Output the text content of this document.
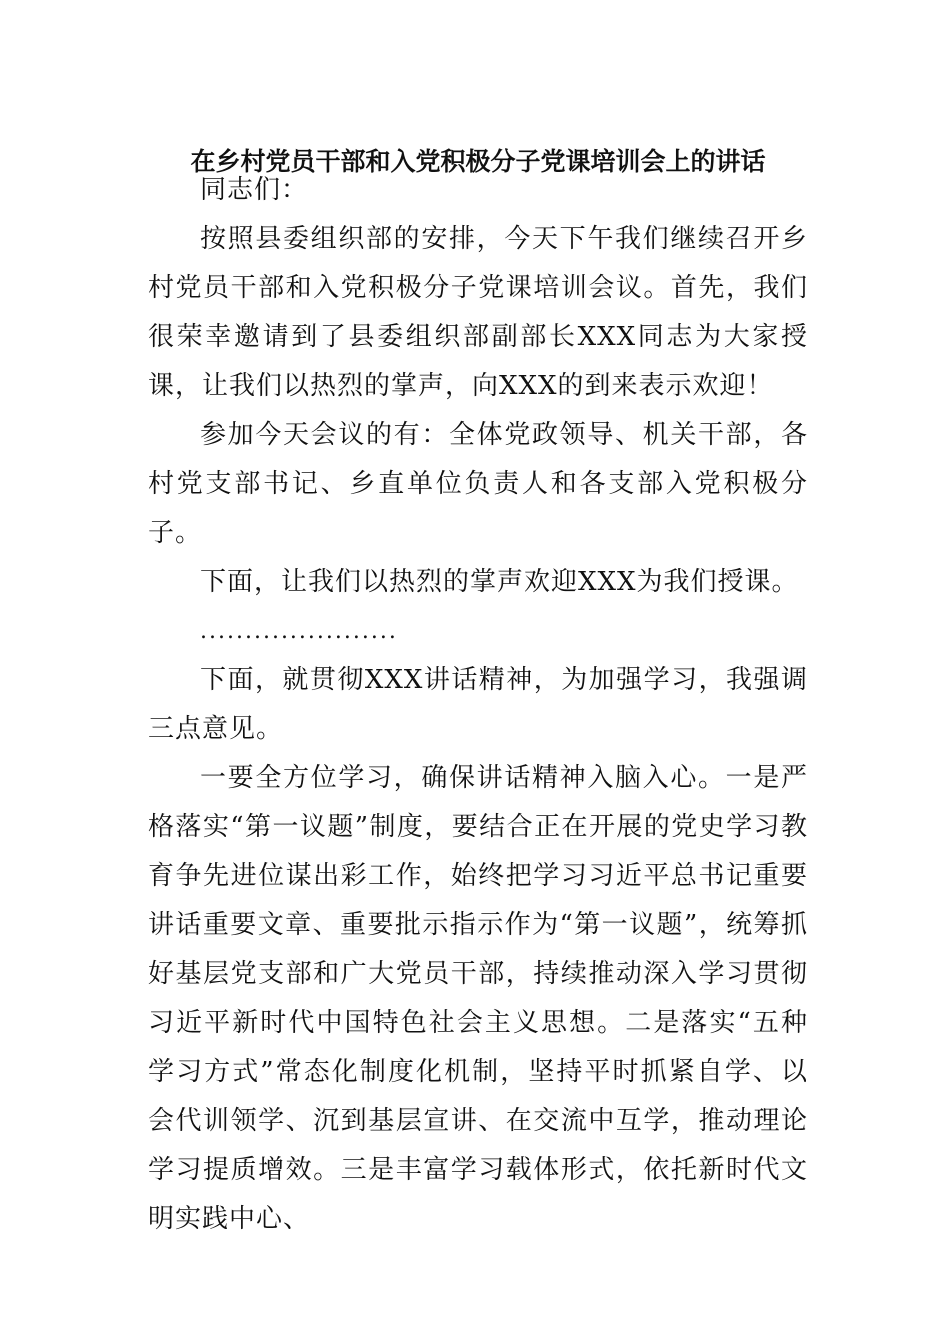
在乡村党员干部和入党积极分子党课培训会上的讲话

同志们：

按照县委组织部的安排，今天下午我们继续召开乡村党员干部和入党积极分子党课培训会议。首先，我们很荣幸邀请到了县委组织部副部长XXX同志为大家授课，让我们以热烈的掌声，向XXX的到来表示欢迎！

参加今天会议的有：全体党政领导、机关干部，各村党支部书记、乡直单位负责人和各支部入党积极分子。

下面，让我们以热烈的掌声欢迎XXX为我们授课。

......................

下面，就贯彻XXX讲话精神，为加强学习，我强调三点意见。

一要全方位学习，确保讲话精神入脑入心。一是严格落实“第一议题”制度，要结合正在开展的党史学习教育争先进位谋出彩工作，始终把学习习近平总书记重要讲话重要文章、重要批示指示作为“第一议题”，统筹抓好基层党支部和广大党员干部，持续推动深入学习贯彻习近平新时代中国特色社会主义思想。二是落实“五种学习方式”常态化制度化机制，坚持平时抓紧自学、以会代训领学、沉到基层宣讲、在交流中互学，推动理论学习提质增效。三是丰富学习载体形式，依托新时代文明实践中心、
